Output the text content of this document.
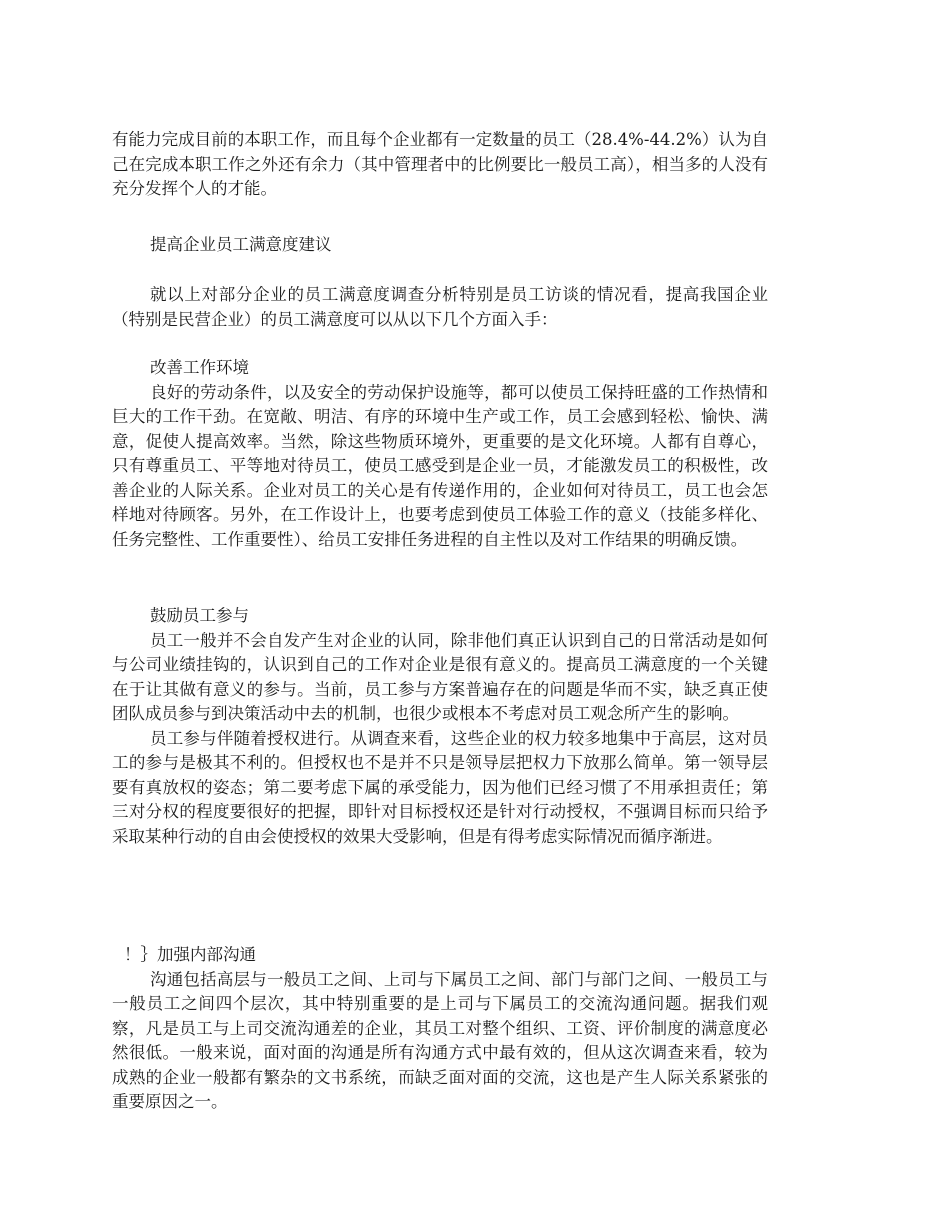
有能力完成目前的本职工作，而且每个企业都有一定数量的员工（28.4%-44.2%）认为自己在完成本职工作之外还有余力（其中管理者中的比例要比一般员工高），相当多的人没有充分发挥个人的才能。

提高企业员工满意度建议

就以上对部分企业的员工满意度调查分析特别是员工访谈的情况看，提高我国企业（特别是民营企业）的员工满意度可以从以下几个方面入手：

改善工作环境

良好的劳动条件，以及安全的劳动保护设施等，都可以使员工保持旺盛的工作热情和巨大的工作干劲。在宽敞、明洁、有序的环境中生产或工作，员工会感到轻松、愉快、满意，促使人提高效率。当然，除这些物质环境外，更重要的是文化环境。人都有自尊心，只有尊重员工、平等地对待员工，使员工感受到是企业一员，才能激发员工的积极性，改善企业的人际关系。企业对员工的关心是有传递作用的，企业如何对待员工，员工也会怎样地对待顾客。另外，在工作设计上，也要考虑到使员工体验工作的意义（技能多样化、任务完整性、工作重要性）、给员工安排任务进程的自主性以及对工作结果的明确反馈。

鼓励员工参与

员工一般并不会自发产生对企业的认同，除非他们真正认识到自己的日常活动是如何与公司业绩挂钩的，认识到自己的工作对企业是很有意义的。提高员工满意度的一个关键在于让其做有意义的参与。当前，员工参与方案普遍存在的问题是华而不实，缺乏真正使团队成员参与到决策活动中去的机制，也很少或根本不考虑对员工观念所产生的影响。

员工参与伴随着授权进行。从调查来看，这些企业的权力较多地集中于高层，这对员工的参与是极其不利的。但授权也不是并不只是领导层把权力下放那么简单。第一领导层要有真放权的姿态；第二要考虑下属的承受能力，因为他们已经习惯了不用承担责任；第三对分权的程度要很好的把握，即针对目标授权还是针对行动授权，不强调目标而只给予采取某种行动的自由会使授权的效果大受影响，但是有得考虑实际情况而循序渐进。

！｝加强内部沟通

沟通包括高层与一般员工之间、上司与下属员工之间、部门与部门之间、一般员工与一般员工之间四个层次，其中特别重要的是上司与下属员工的交流沟通问题。据我们观察，凡是员工与上司交流沟通差的企业，其员工对整个组织、工资、评价制度的满意度必然很低。一般来说，面对面的沟通是所有沟通方式中最有效的，但从这次调查来看，较为成熟的企业一般都有繁杂的文书系统，而缺乏面对面的交流，这也是产生人际关系紧张的重要原因之一。
